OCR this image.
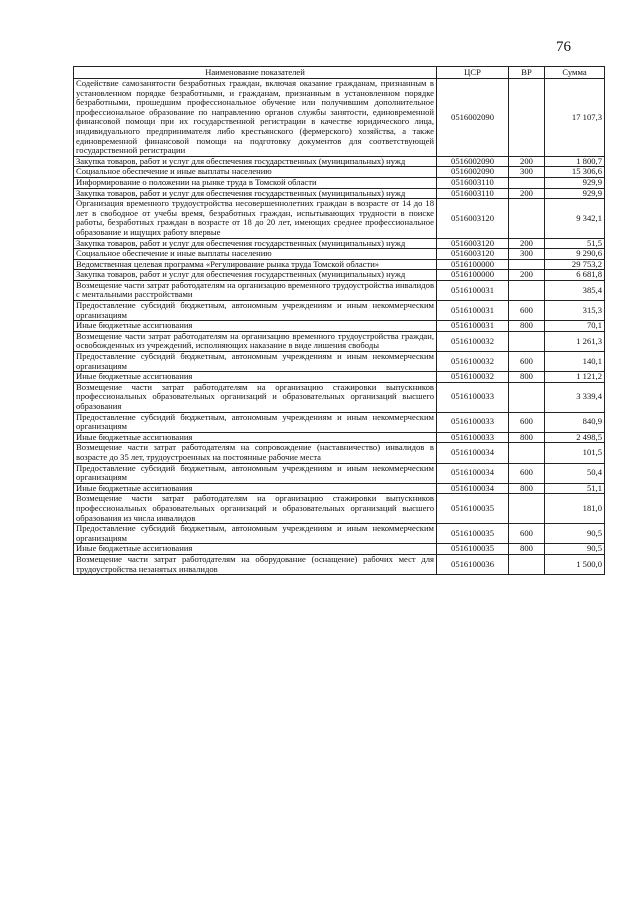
76
Наименование показателей	ЦСР	ВР	Сумма
Содействие самозанятости безработных граждан, включая оказание гражданам, признанным в установленном порядке безработными, и гражданам, признанным в установленном порядке безработными, прошедшим профессиональное обучение или получившим дополнительное профессиональное образование по направлению органов службы занятости, единовременной финансовой помощи при их государственной регистрации в качестве юридического лица, индивидуального предпринимателя либо крестьянского (фермерского) хозяйства, а также единовременной финансовой помощи на подготовку документов для соответствующей государственной регистрации	0516002090		17 107,3
Закупка товаров, работ и услуг для обеспечения государственных (муниципальных) нужд	0516002090	200	1 800,7
Социальное обеспечение и иные выплаты населению	0516002090	300	15 306,6
Информирование о положении на рынке труда в Томской области	0516003110		929,9
Закупка товаров, работ и услуг для обеспечения государственных (муниципальных) нужд	0516003110	200	929,9
Организация временного трудоустройства несовершеннолетних граждан в возрасте от 14 до 18 лет в свободное от учебы время, безработных граждан, испытывающих трудности в поиске работы, безработных граждан в возрасте от 18 до 20 лет, имеющих среднее профессиональное образование и ищущих работу впервые	0516003120		9 342,1
Закупка товаров, работ и услуг для обеспечения государственных (муниципальных) нужд	0516003120	200	51,5
Социальное обеспечение и иные выплаты населению	0516003120	300	9 290,6
Ведомственная целевая программа «Регулирование рынка труда Томской области»	0516100000		29 753,2
Закупка товаров, работ и услуг для обеспечения государственных (муниципальных) нужд	0516100000	200	6 681,8
Возмещение части затрат работодателям на организацию временного трудоустройства инвалидов с ментальными расстройствами	0516100031		385,4
Предоставление субсидий бюджетным, автономным учреждениям и иным некоммерческим организациям	0516100031	600	315,3
Иные бюджетные ассигнования	0516100031	800	70,1
Возмещение части затрат работодателям на организацию временного трудоустройства граждан, освобожденных из учреждений, исполняющих наказание в виде лишения свободы	0516100032		1 261,3
Предоставление субсидий бюджетным, автономным учреждениям и иным некоммерческим организациям	0516100032	600	140,1
Иные бюджетные ассигнования	0516100032	800	1 121,2
Возмещение части затрат работодателям на организацию стажировки выпускников профессиональных образовательных организаций и образовательных организаций высшего образования	0516100033		3 339,4
Предоставление субсидий бюджетным, автономным учреждениям и иным некоммерческим организациям	0516100033	600	840,9
Иные бюджетные ассигнования	0516100033	800	2 498,5
Возмещение части затрат работодателям на сопровождение (наставничество) инвалидов в возрасте до 35 лет, трудоустроенных на постоянные рабочие места	0516100034		101,5
Предоставление субсидий бюджетным, автономным учреждениям и иным некоммерческим организациям	0516100034	600	50,4
Иные бюджетные ассигнования	0516100034	800	51,1
Возмещение части затрат работодателям на организацию стажировки выпускников профессиональных образовательных организаций и образовательных организаций высшего образования из числа инвалидов	0516100035		181,0
Предоставление субсидий бюджетным, автономным учреждениям и иным некоммерческим организациям	0516100035	600	90,5
Иные бюджетные ассигнования	0516100035	800	90,5
Возмещение части затрат работодателям на оборудование (оснащение) рабочих мест для трудоустройства незанятых инвалидов	0516100036		1 500,0
